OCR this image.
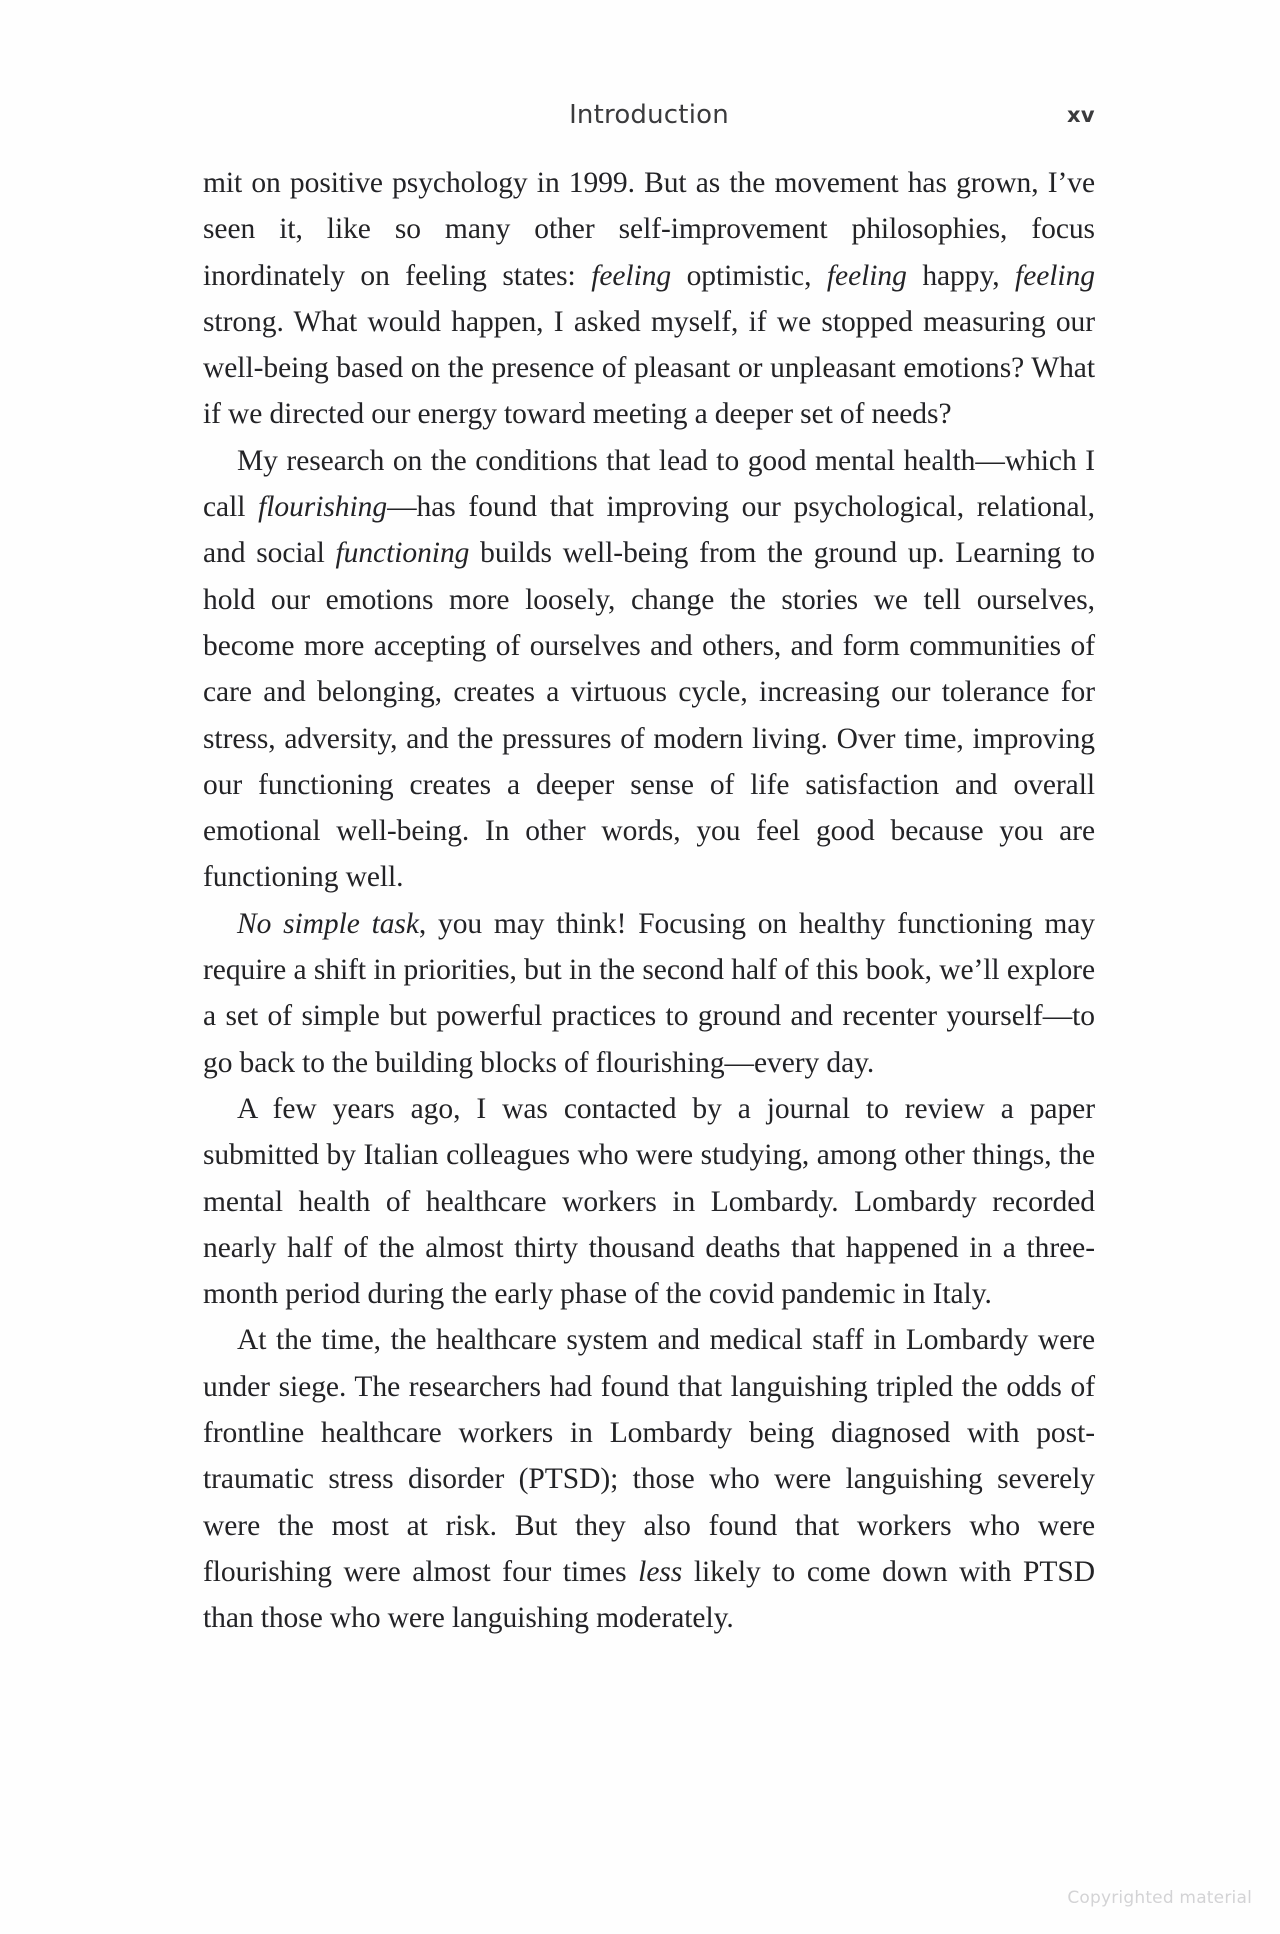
Introduction	xv

mit on positive psychology in 1999. But as the movement has grown, I’ve seen it, like so many other self-improvement philosophies, focus inordinately on feeling states: feeling optimistic, feeling happy, feeling strong. What would happen, I asked myself, if we stopped measuring our well-being based on the presence of pleasant or unpleasant emotions? What if we directed our energy toward meeting a deeper set of needs?

My research on the conditions that lead to good mental health—which I call flourishing—has found that improving our psychological, relational, and social functioning builds well-being from the ground up. Learning to hold our emotions more loosely, change the stories we tell ourselves, become more accepting of ourselves and others, and form communities of care and belonging, creates a virtuous cycle, increasing our tolerance for stress, adversity, and the pressures of modern living. Over time, improving our functioning creates a deeper sense of life satisfaction and overall emotional well-being. In other words, you feel good because you are functioning well.

No simple task, you may think! Focusing on healthy functioning may require a shift in priorities, but in the second half of this book, we’ll explore a set of simple but powerful practices to ground and recenter yourself—to go back to the building blocks of flourishing—every day.

A few years ago, I was contacted by a journal to review a paper submitted by Italian colleagues who were studying, among other things, the mental health of healthcare workers in Lombardy. Lombardy recorded nearly half of the almost thirty thousand deaths that happened in a three-month period during the early phase of the covid pandemic in Italy.

At the time, the healthcare system and medical staff in Lombardy were under siege. The researchers had found that languishing tripled the odds of frontline healthcare workers in Lombardy being diagnosed with post-traumatic stress disorder (PTSD); those who were languishing severely were the most at risk. But they also found that workers who were flourishing were almost four times less likely to come down with PTSD than those who were languishing moderately.

Copyrighted material
